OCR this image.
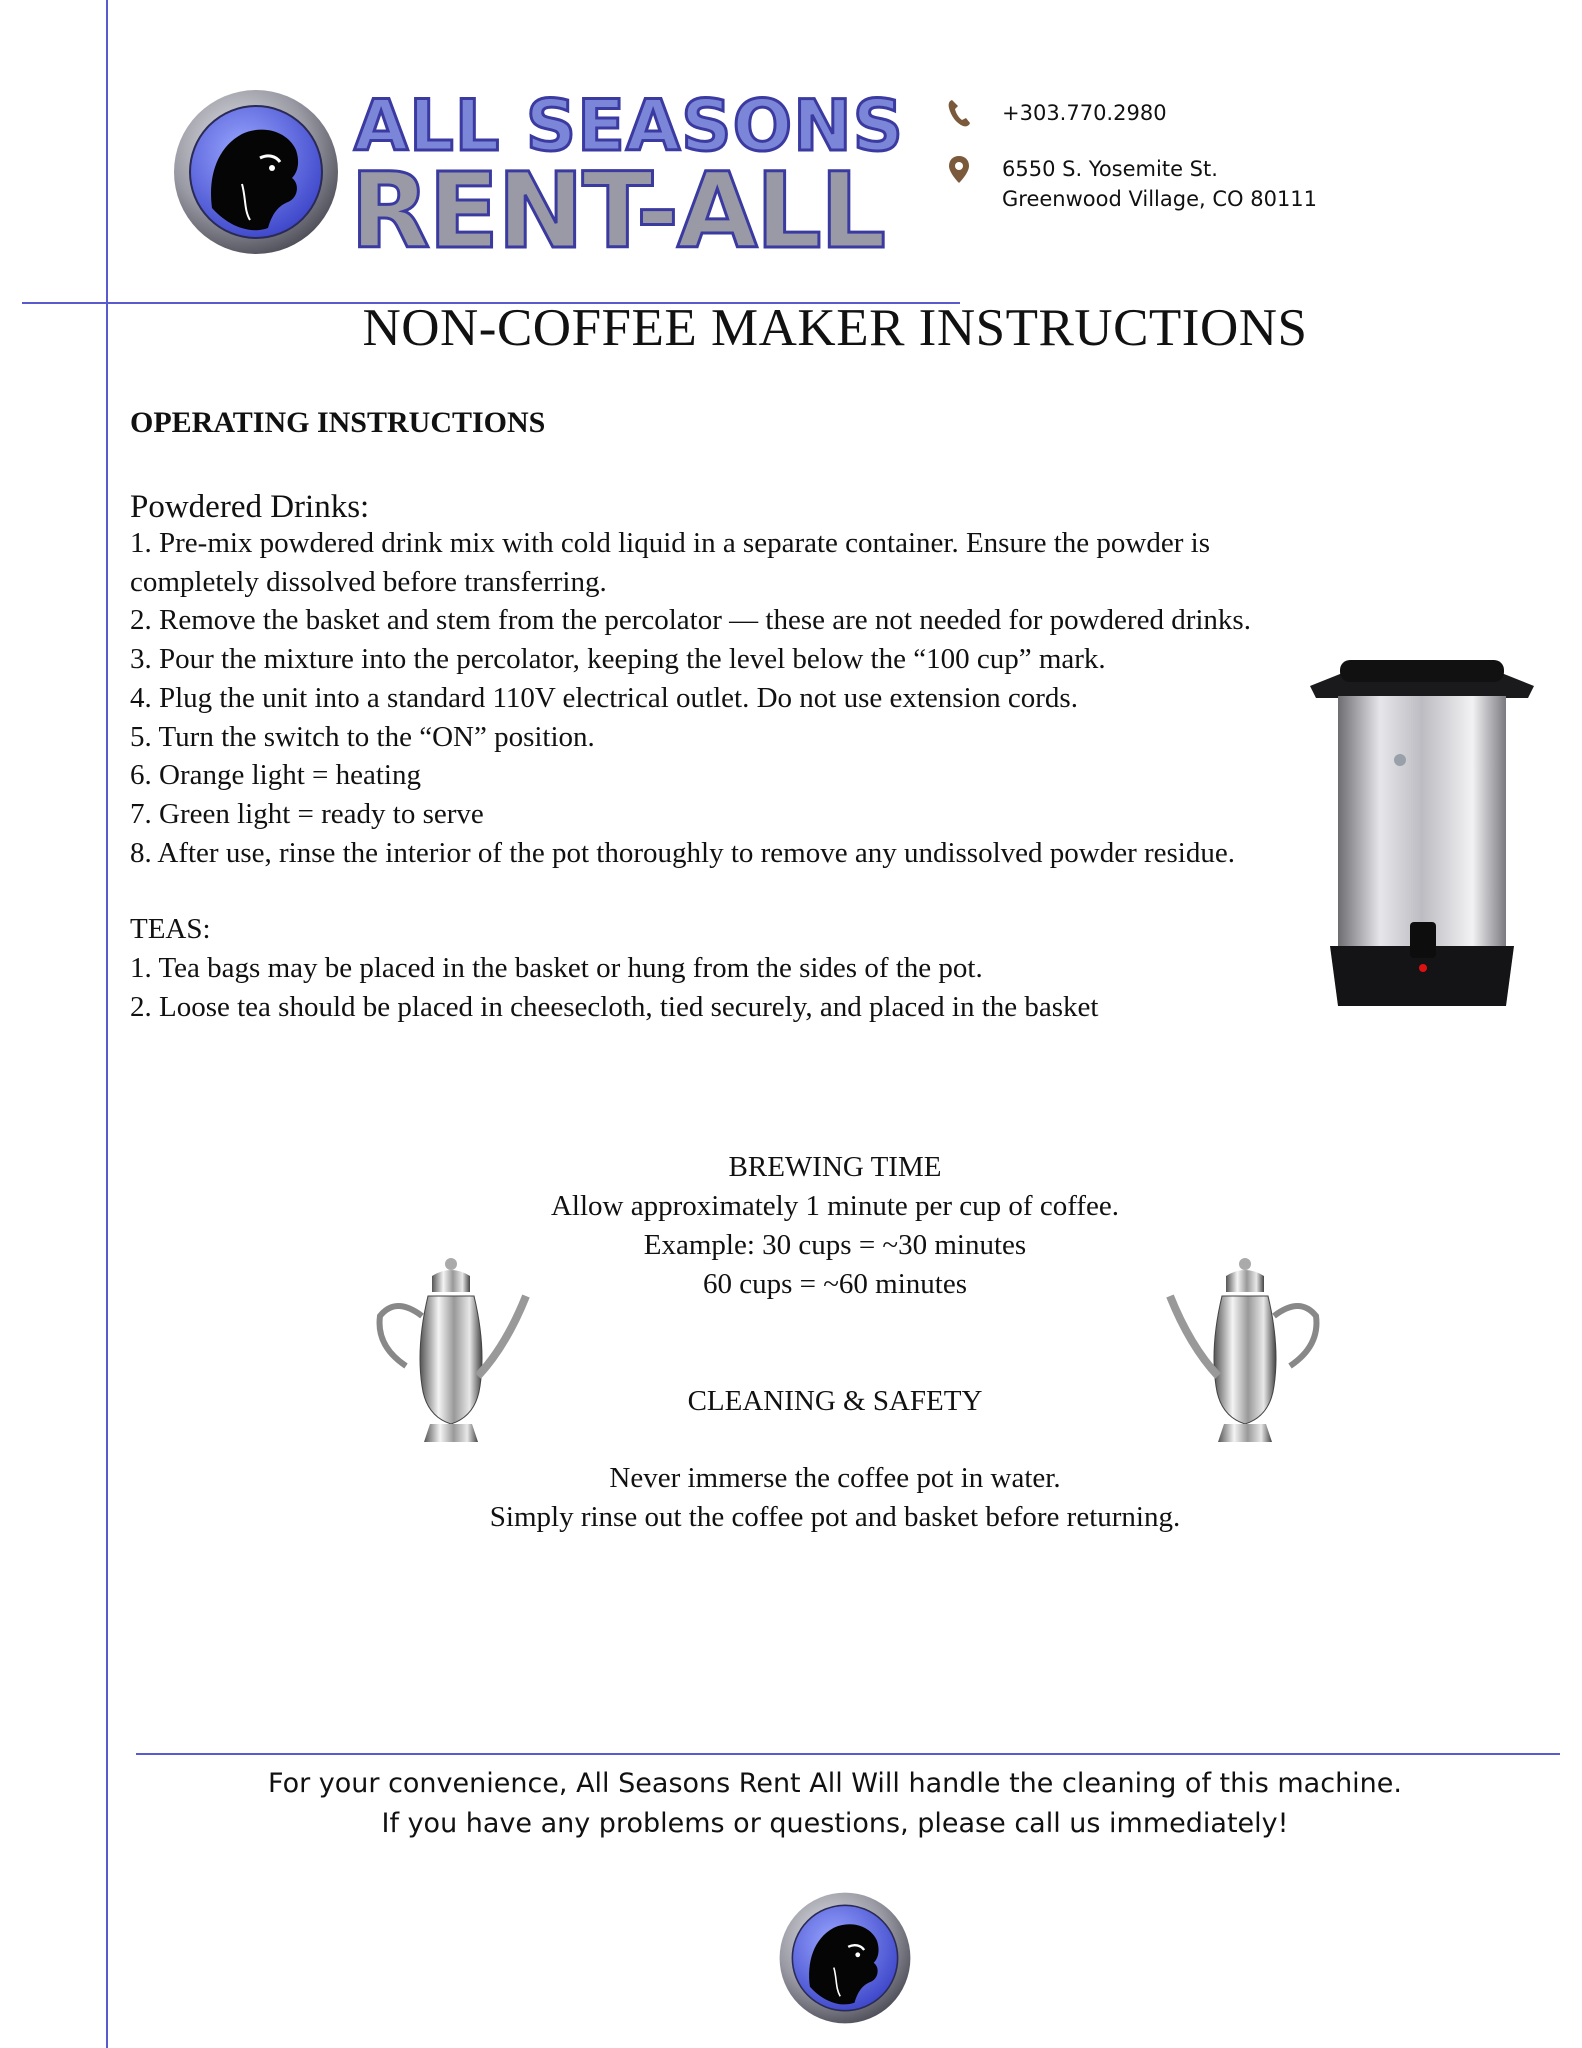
ALL SEASONS
RENT-ALL
+303.770.2980
6550 S. Yosemite St.
Greenwood Village, CO 80111
NON-COFFEE MAKER INSTRUCTIONS
OPERATING INSTRUCTIONS

Powdered Drinks:

1. Pre-mix powdered drink mix with cold liquid in a separate container. Ensure the powder is completely dissolved before transferring.

2. Remove the basket and stem from the percolator — these are not needed for powdered drinks.

3. Pour the mixture into the percolator, keeping the level below the “100 cup” mark.

4. Plug the unit into a standard 110V electrical outlet. Do not use extension cords.

5. Turn the switch to the “ON” position.

6. Orange light = heating

7. Green light = ready to serve

8. After use, rinse the interior of the pot thoroughly to remove any undissolved powder residue.

TEAS:

1. Tea bags may be placed in the basket or hung from the sides of the pot.

2. Loose tea should be placed in cheesecloth, tied securely, and placed in the basket

BREWING TIME
Allow approximately 1 minute per cup of coffee.
Example: 30 cups = ~30 minutes
60 cups = ~60 minutes
CLEANING & SAFETY
Never immerse the coffee pot in water.
Simply rinse out the coffee pot and basket before returning.
For your convenience, All Seasons Rent All Will handle the cleaning of this machine.
If you have any problems or questions, please call us immediately!
